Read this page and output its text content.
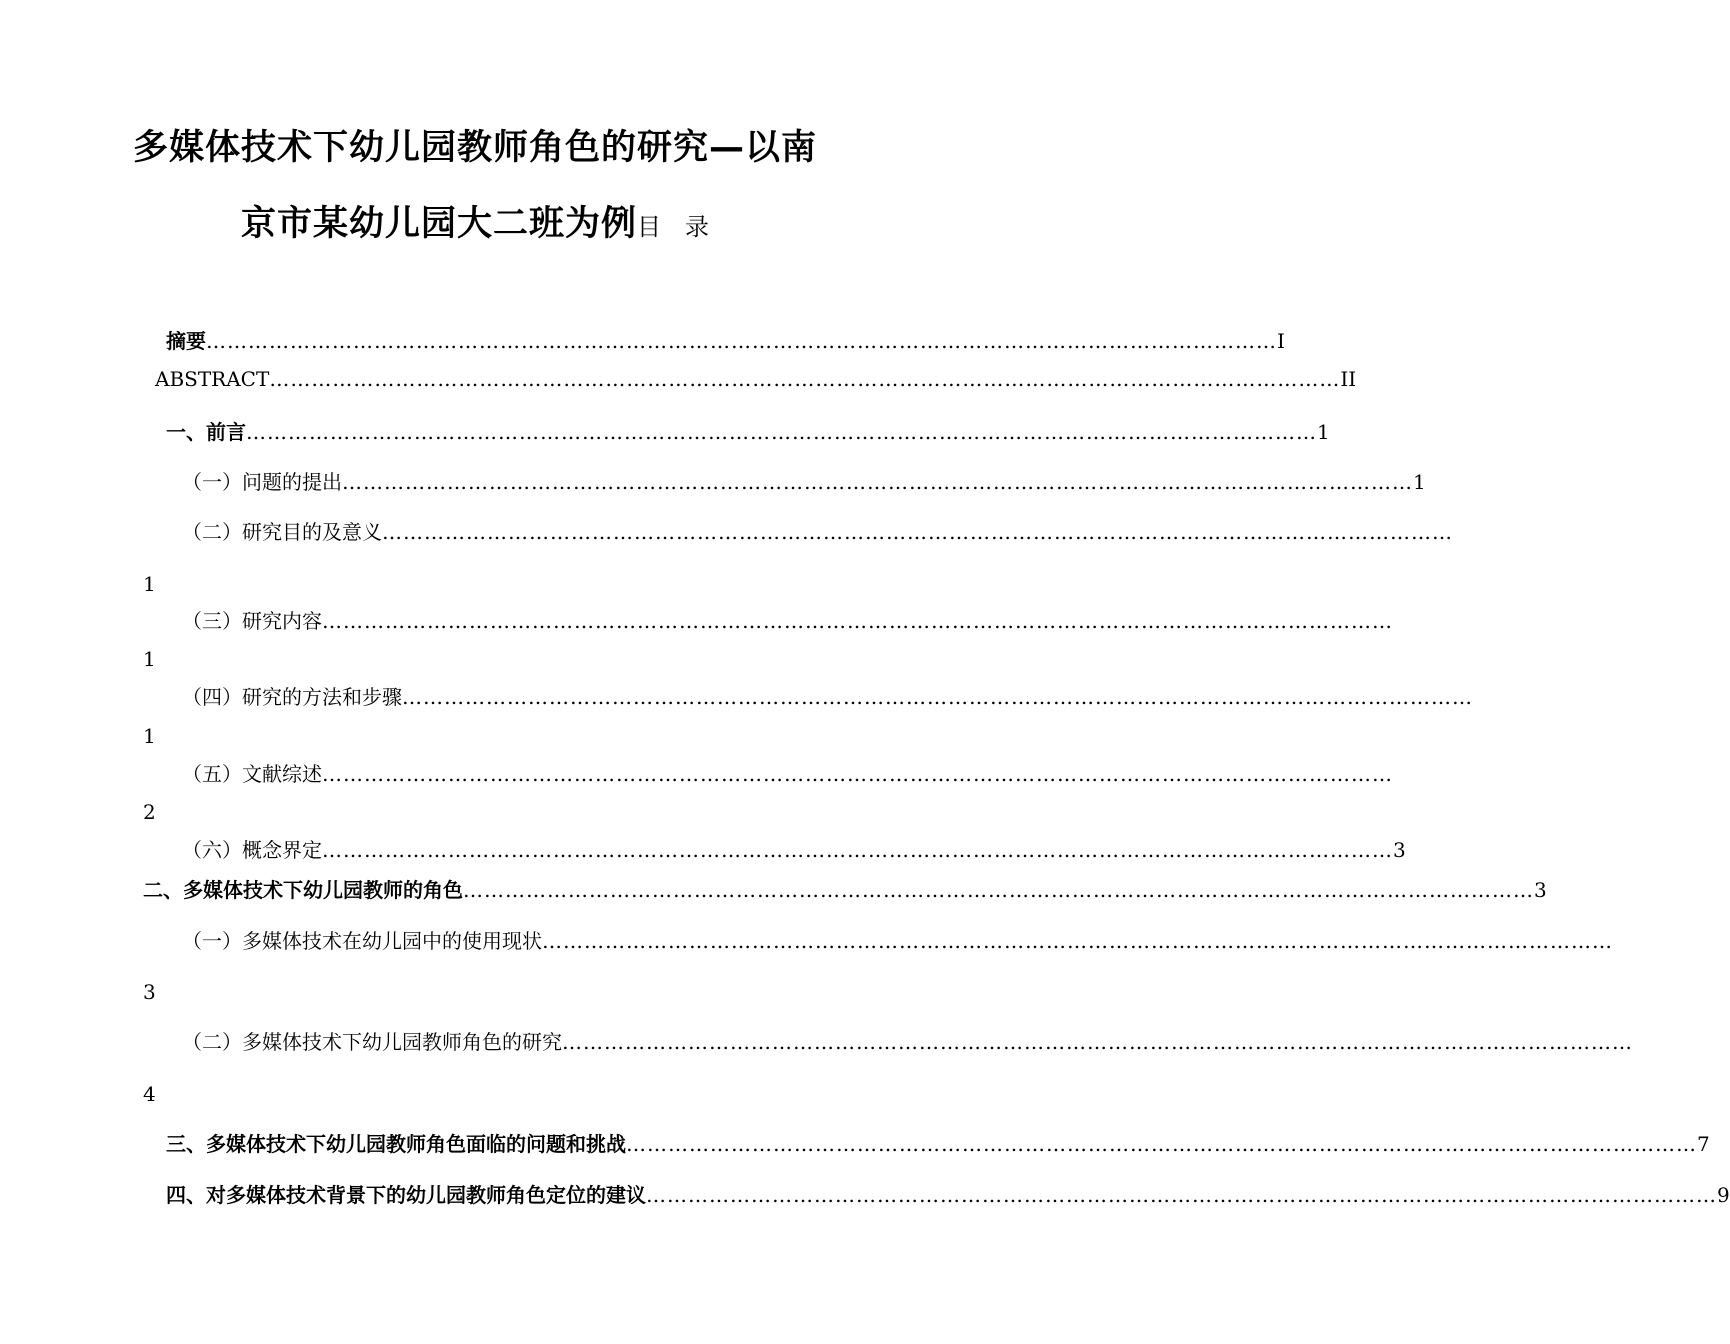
多媒体技术下幼儿园教师角色的研究—以南
京市某幼儿园大二班为例目　录
摘要 ……………………………………………………………………………………………………………………………………… I
ABSTRACT ……………………………………………………………………………………………………………………………………… II
一、前言 ……………………………………………………………………………………………………………………………………… 1
（一）问题的提出 ……………………………………………………………………………………………………………………………………… 1
（二）研究目的及意义 ………………………………………………………………………………………………………………………………………
1
（三）研究内容 ………………………………………………………………………………………………………………………………………
1
（四）研究的方法和步骤 ………………………………………………………………………………………………………………………………………
1
（五）文献综述 ………………………………………………………………………………………………………………………………………
2
（六）概念界定 ……………………………………………………………………………………………………………………………………… 3
二、多媒体技术下幼儿园教师的角色 ……………………………………………………………………………………………………………………………………… 3
（一）多媒体技术在幼儿园中的使用现状 ………………………………………………………………………………………………………………………………………
3
（二）多媒体技术下幼儿园教师角色的研究 ………………………………………………………………………………………………………………………………………
4
三、多媒体技术下幼儿园教师角色面临的问题和挑战 ……………………………………………………………………………………………………………………………………… 7
四、对多媒体技术背景下的幼儿园教师角色定位的建议 ……………………………………………………………………………………………………………………………………… 9
